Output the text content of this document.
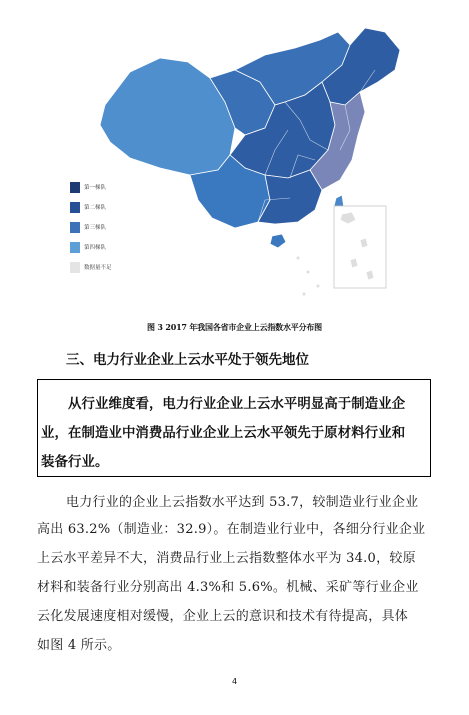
第一梯队
第二梯队
第三梯队
第四梯队
数据量不足
图 3 2017 年我国各省市企业上云指数水平分布图
三、电力行业企业上云水平处于领先地位
从行业维度看，电力行业企业上云水平明显高于制造业企
业，在制造业中消费品行业企业上云水平领先于原材料行业和
装备行业。
电力行业的企业上云指数水平达到 53.7，较制造业行业企业
高出 63.2%（制造业：32.9）。在制造业行业中，各细分行业企业
上云水平差异不大，消费品行业上云指数整体水平为 34.0，较原
材料和装备行业分别高出 4.3%和 5.6%。机械、采矿等行业企业
云化发展速度相对缓慢，企业上云的意识和技术有待提高，具体
如图 4 所示。
4
